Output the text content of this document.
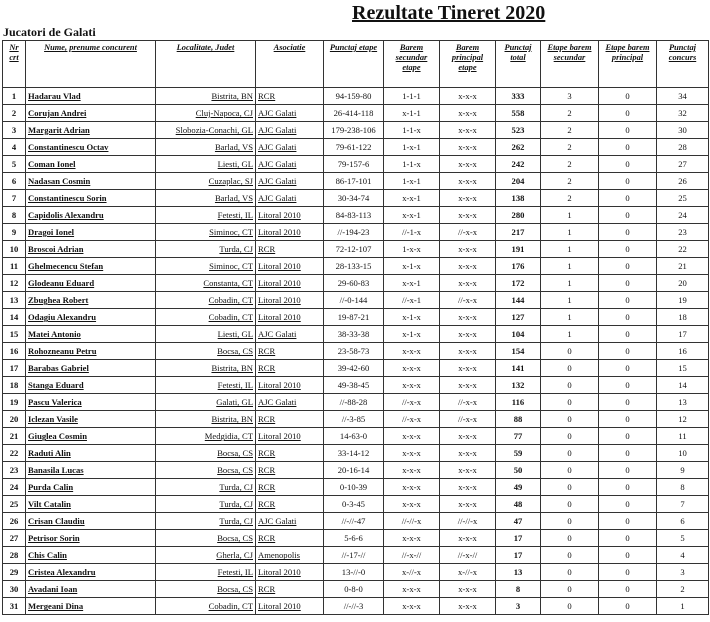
Rezultate Tineret 2020
Jucatori de Galati
Nr crt	Nume, prenume concurent	Localitate, Judet	Asociatie	Punctaj etape	Barem secundar etape	Barem principal etape	Punctaj total	Etape barem secundar	Etape barem principal	Punctaj concurs
1	Hadarau Vlad	Bistrita, BN	RCR	94-159-80	1-1-1	x-x-x	333	3	0	34
2	Corujan Andrei	Cluj-Napoca, CJ	AJC Galati	26-414-118	x-1-1	x-x-x	558	2	0	32
3	Margarit Adrian	Slobozia-Conachi, GL	AJC Galati	179-238-106	1-1-x	x-x-x	523	2	0	30
4	Constantinescu Octav	Barlad, VS	AJC Galati	79-61-122	1-x-1	x-x-x	262	2	0	28
5	Coman Ionel	Liesti, GL	AJC Galati	79-157-6	1-1-x	x-x-x	242	2	0	27
6	Nadasan Cosmin	Cuzaplac, SJ	AJC Galati	86-17-101	1-x-1	x-x-x	204	2	0	26
7	Constantinescu Sorin	Barlad, VS	AJC Galati	30-34-74	x-x-1	x-x-x	138	2	0	25
8	Capidolis Alexandru	Fetesti, IL	Litoral 2010	84-83-113	x-x-1	x-x-x	280	1	0	24
9	Dragoi Ionel	Siminoc, CT	Litoral 2010	//-194-23	//-1-x	//-x-x	217	1	0	23
10	Broscoi Adrian	Turda, CJ	RCR	72-12-107	1-x-x	x-x-x	191	1	0	22
11	Ghelmecencu Stefan	Siminoc, CT	Litoral 2010	28-133-15	x-1-x	x-x-x	176	1	0	21
12	Glodeanu Eduard	Constanta, CT	Litoral 2010	29-60-83	x-x-1	x-x-x	172	1	0	20
13	Zbughea Robert	Cobadin, CT	Litoral 2010	//-0-144	//-x-1	//-x-x	144	1	0	19
14	Odagiu Alexandru	Cobadin, CT	Litoral 2010	19-87-21	x-1-x	x-x-x	127	1	0	18
15	Matei Antonio	Liesti, GL	AJC Galati	38-33-38	x-1-x	x-x-x	104	1	0	17
16	Rohozneanu Petru	Bocsa, CS	RCR	23-58-73	x-x-x	x-x-x	154	0	0	16
17	Barabas Gabriel	Bistrita, BN	RCR	39-42-60	x-x-x	x-x-x	141	0	0	15
18	Stanga Eduard	Fetesti, IL	Litoral 2010	49-38-45	x-x-x	x-x-x	132	0	0	14
19	Pascu Valerica	Galati, GL	AJC Galati	//-88-28	//-x-x	//-x-x	116	0	0	13
20	Iclezan Vasile	Bistrita, BN	RCR	//-3-85	//-x-x	//-x-x	88	0	0	12
21	Giuglea Cosmin	Medgidia, CT	Litoral 2010	14-63-0	x-x-x	x-x-x	77	0	0	11
22	Raduti Alin	Bocsa, CS	RCR	33-14-12	x-x-x	x-x-x	59	0	0	10
23	Banasila Lucas	Bocsa, CS	RCR	20-16-14	x-x-x	x-x-x	50	0	0	9
24	Purda Calin	Turda, CJ	RCR	0-10-39	x-x-x	x-x-x	49	0	0	8
25	Vilt Catalin	Turda, CJ	RCR	0-3-45	x-x-x	x-x-x	48	0	0	7
26	Crisan Claudiu	Turda, CJ	AJC Galati	//-//-47	//-//-x	//-//-x	47	0	0	6
27	Petrisor Sorin	Bocsa, CS	RCR	5-6-6	x-x-x	x-x-x	17	0	0	5
28	Chis Calin	Gherla, CJ	Amenopolis	//-17-//	//-x-//	//-x-//	17	0	0	4
29	Cristea Alexandru	Fetesti, IL	Litoral 2010	13-//-0	x-//-x	x-//-x	13	0	0	3
30	Avadani Ioan	Bocsa, CS	RCR	0-8-0	x-x-x	x-x-x	8	0	0	2
31	Mergeani Dina	Cobadin, CT	Litoral 2010	//-//-3	x-x-x	x-x-x	3	0	0	1
